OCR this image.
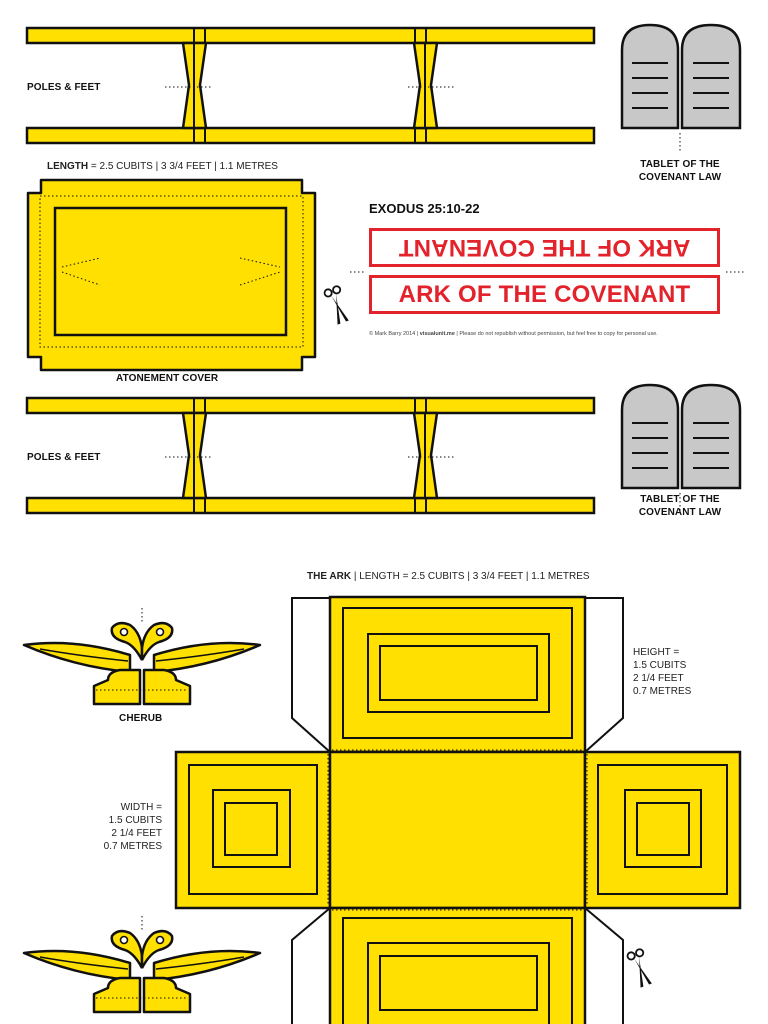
POLES & FEET
POLES & FEET
TABLET OF THE COVENANT LAW
TABLET OF THE COVENANT LAW
LENGTH = 2.5 CUBITS | 3 3/4 FEET | 1.1 METRES
ATONEMENT COVER
EXODUS 25:10-22
ARK OF THE COVENANT
ARK OF THE COVENANT
© Mark Barry 2014 | visualunit.me | Please do not republish without permission, but feel free to copy for personal use.
THE ARK | LENGTH = 2.5 CUBITS | 3 3/4 FEET | 1.1 METRES
HEIGHT =
1.5 CUBITS
2 1/4 FEET
0.7 METRES
WIDTH =
1.5 CUBITS
2 1/4 FEET
0.7 METRES
CHERUB
